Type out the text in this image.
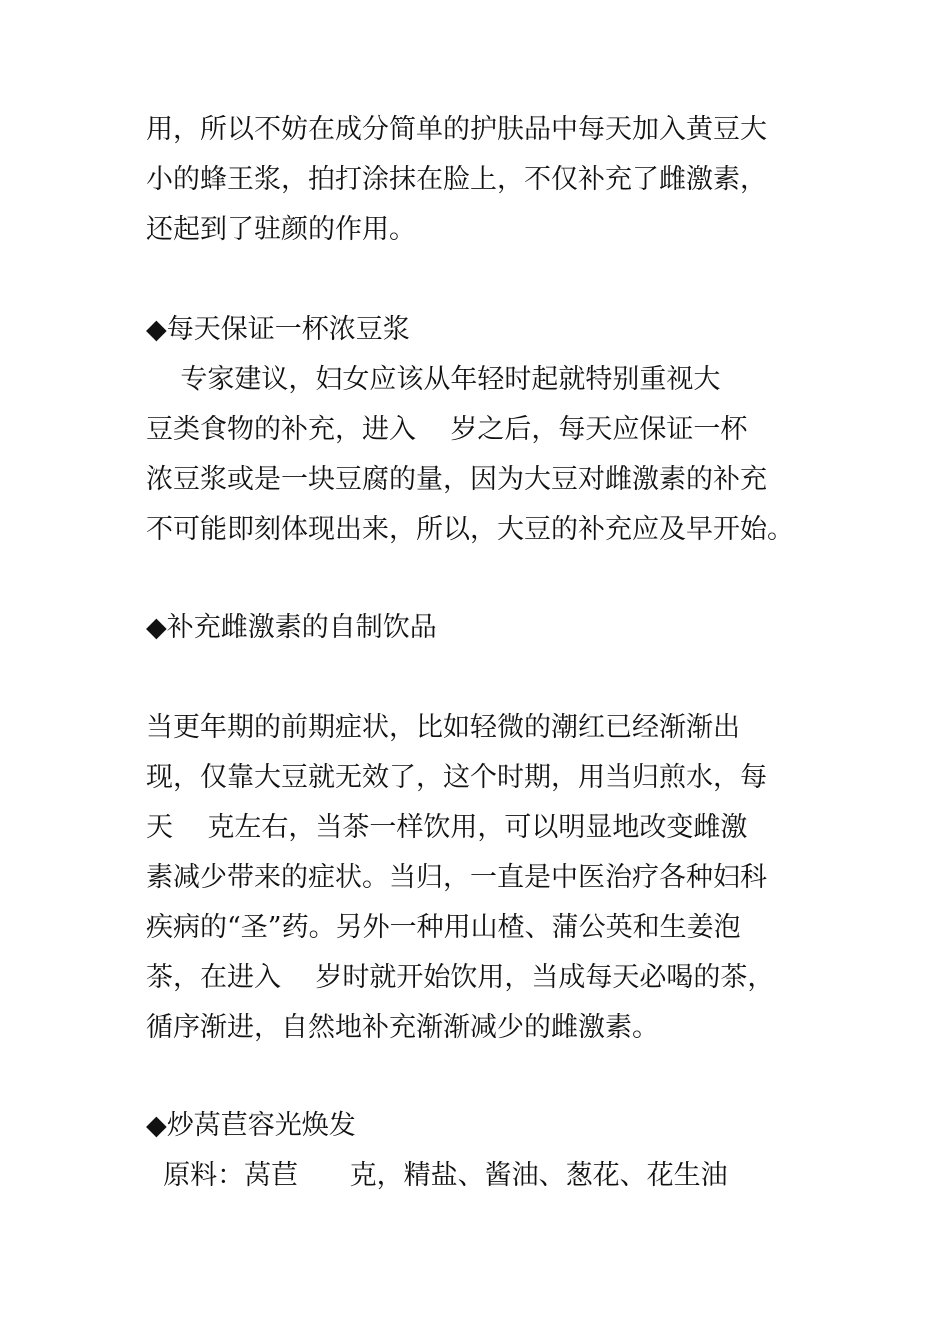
用，所以不妨在成分简单的护肤品中每天加入黄豆大
小的蜂王浆，拍打涂抹在脸上，不仅补充了雌激素，
还起到了驻颜的作用。
◆每天保证一杯浓豆浆
专家建议，妇女应该从年轻时起就特别重视大
豆类食物的补充，进入    岁之后，每天应保证一杯
浓豆浆或是一块豆腐的量，因为大豆对雌激素的补充
不可能即刻体现出来，所以，大豆的补充应及早开始。
◆补充雌激素的自制饮品
当更年期的前期症状，比如轻微的潮红已经渐渐出
现，仅靠大豆就无效了，这个时期，用当归煎水，每
天    克左右，当茶一样饮用，可以明显地改变雌激
素减少带来的症状。当归，一直是中医治疗各种妇科
疾病的“圣”药。另外一种用山楂、蒲公英和生姜泡
茶，在进入    岁时就开始饮用，当成每天必喝的茶，
循序渐进，自然地补充渐渐减少的雌激素。
◆炒莴苣容光焕发
原料：莴苣      克，精盐、酱油、葱花、花生油
